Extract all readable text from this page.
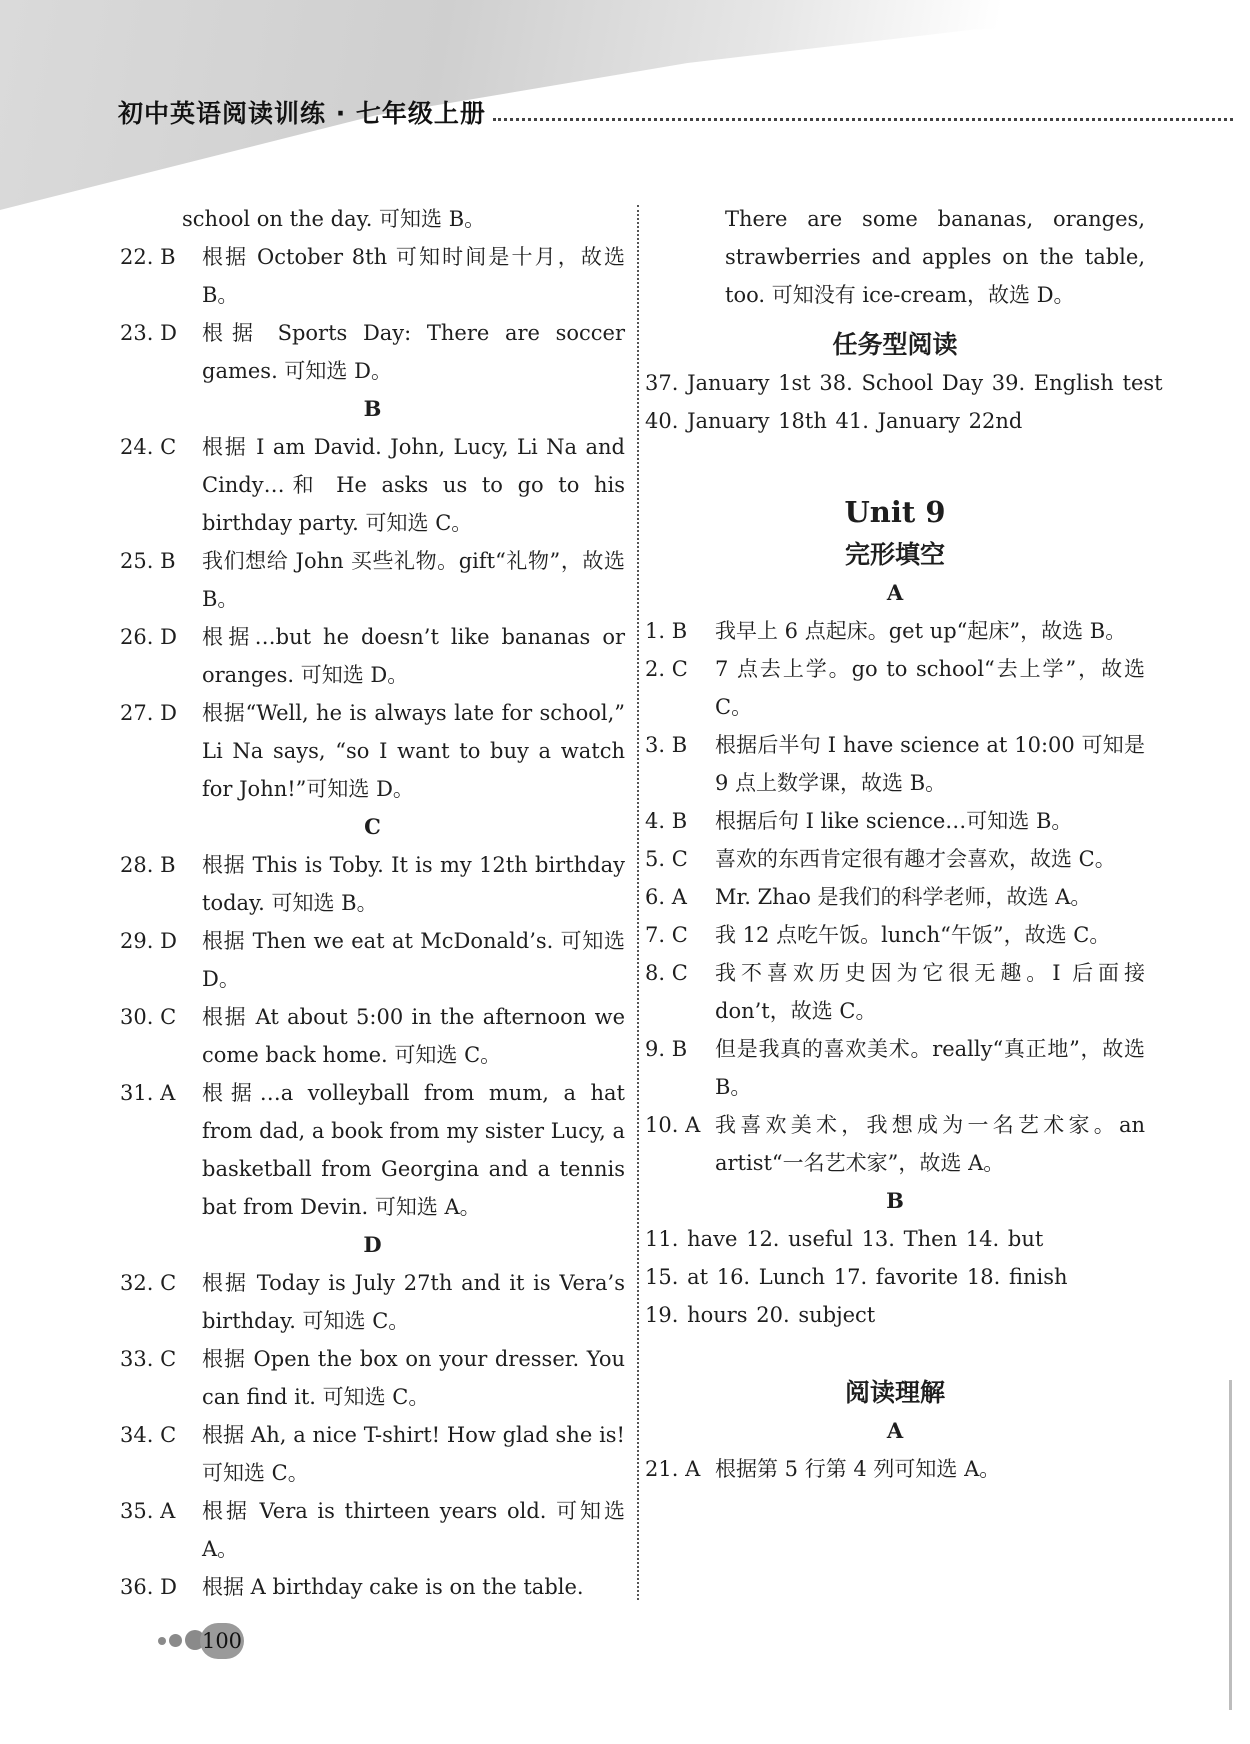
初中英语阅读训练 · 七年级上册
school on the day. 可知选 B。
22. B	根据 October 8th 可知时间是十月，故选 B。
23. D	根据 Sports Day: There are soccer games. 可知选 D。
B
24. C	根据 I am David. John, Lucy, Li Na and Cindy…和 He asks us to go to his birthday party. 可知选 C。
25. B	我们想给 John 买些礼物。gift“礼物”，故选 B。
26. D	根据…but he doesn’t like bananas or oranges. 可知选 D。
27. D	根据“Well, he is always late for school,” Li Na says, “so I want to buy a watch for John!”可知选 D。
C
28. B	根据 This is Toby. It is my 12th birthday today. 可知选 B。
29. D	根据 Then we eat at McDonald’s. 可知选 D。
30. C	根据 At about 5:00 in the afternoon we come back home. 可知选 C。
31. A	根据…a volleyball from mum, a hat from dad, a book from my sister Lucy, a basketball from Georgina and a tennis bat from Devin. 可知选 A。
D
32. C	根据 Today is July 27th and it is Vera’s birthday. 可知选 C。
33. C	根据 Open the box on your dresser. You can find it. 可知选 C。
34. C	根据 Ah, a nice T-shirt! How glad she is! 可知选 C。
35. A	根据 Vera is thirteen years old. 可知选 A。
36. D	根据 A birthday cake is on the table.
There are some bananas, oranges, strawberries and apples on the table, too. 可知没有 ice-cream，故选 D。
任务型阅读
37. January 1st 38. School Day 39. English test
40. January 18th 41. January 22nd
Unit 9
完形填空
A
1. B	我早上 6 点起床。get up“起床”，故选 B。
2. C	7 点去上学。go to school“去上学”，故选 C。
3. B	根据后半句 I have science at 10:00 可知是 9 点上数学课，故选 B。
4. B	根据后句 I like science…可知选 B。
5. C	喜欢的东西肯定很有趣才会喜欢，故选 C。
6. A	Mr. Zhao 是我们的科学老师，故选 A。
7. C	我 12 点吃午饭。lunch“午饭”，故选 C。
8. C	我不喜欢历史因为它很无趣。I 后面接 don’t，故选 C。
9. B	但是我真的喜欢美术。really“真正地”，故选 B。
10. A 我喜欢美术，我想成为一名艺术家。an artist“一名艺术家”，故选 A。
B
11. have 12. useful 13. Then 14. but
15. at 16. Lunch 17. favorite 18. finish
19. hours 20. subject
阅读理解
A
21. A 根据第 5 行第 4 列可知选 A。
100
